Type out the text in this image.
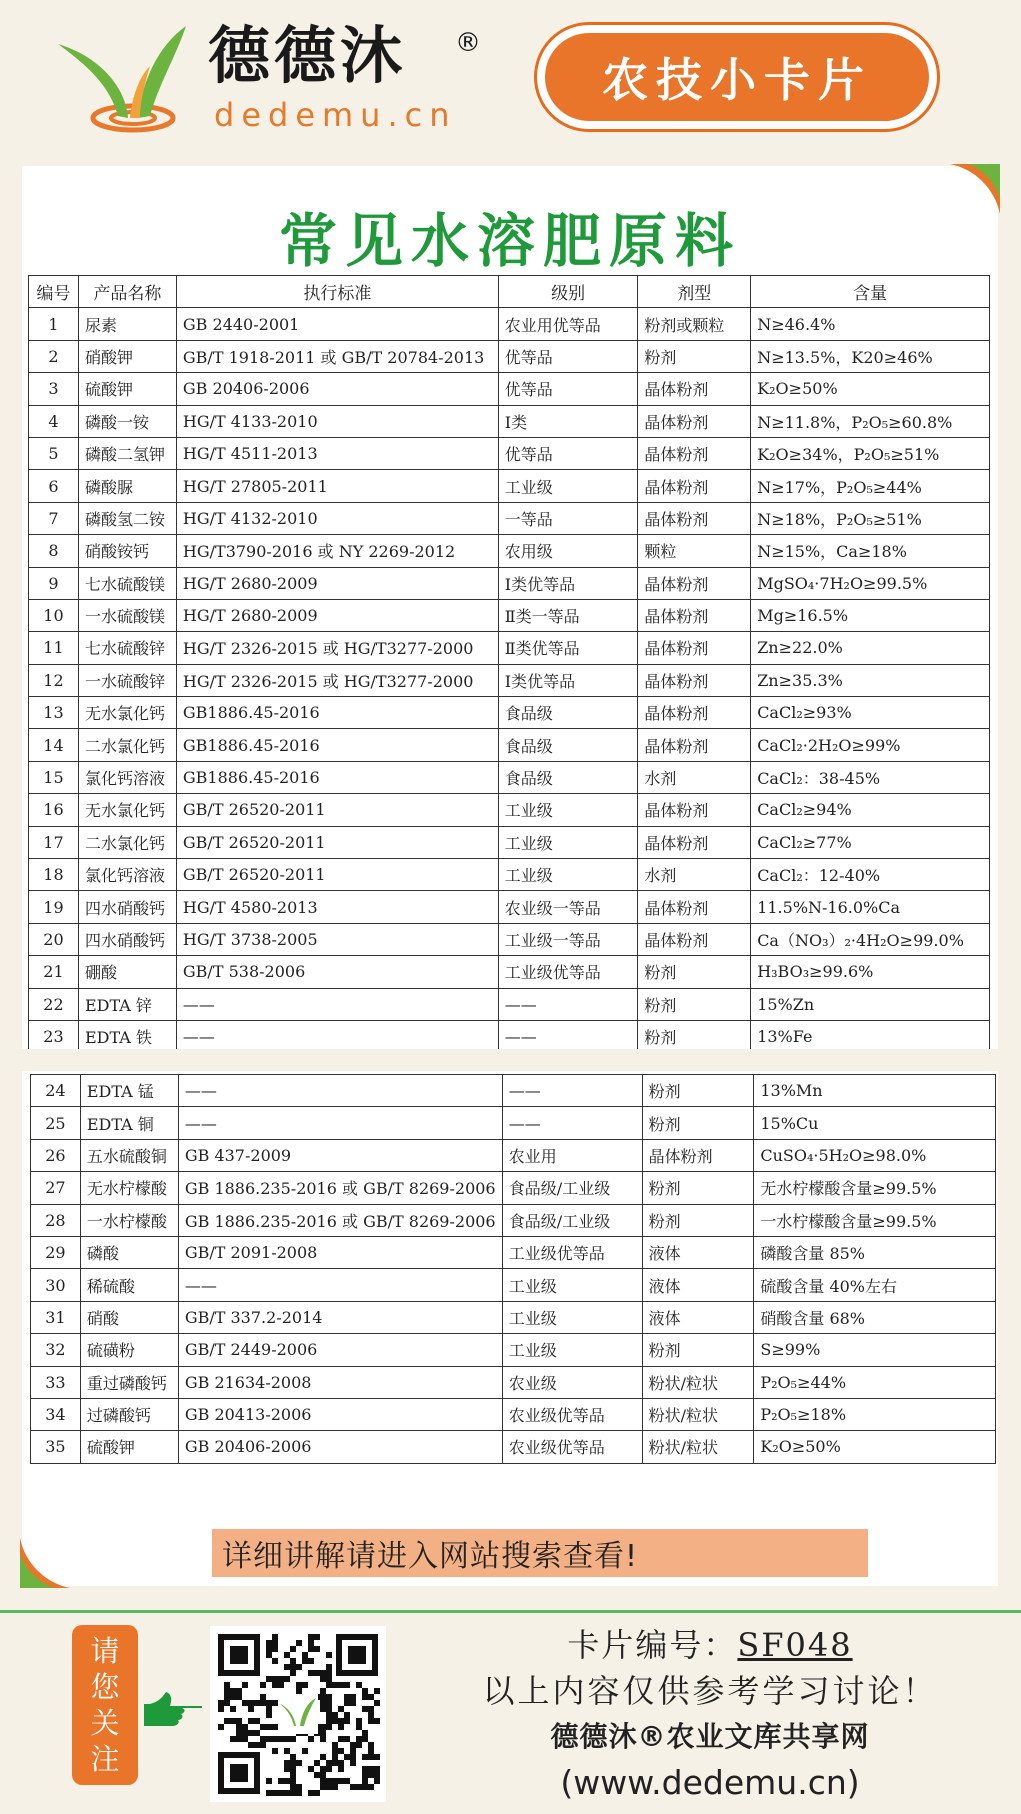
德德沐 ®
dedemu.cn
农技小卡片
常见水溶肥原料
编号	产品名称	执行标准	级别	剂型	含量
1	尿素	GB 2440-2001	农业用优等品	粉剂或颗粒	N≥46.4%
2	硝酸钾	GB/T 1918-2011 或 GB/T 20784-2013	优等品	粉剂	N≥13.5%，K20≥46%
3	硫酸钾	GB 20406-2006	优等品	晶体粉剂	K₂O≥50%
4	磷酸一铵	HG/T 4133-2010	Ⅰ类	晶体粉剂	N≥11.8%，P₂O₅≥60.8%
5	磷酸二氢钾	HG/T 4511-2013	优等品	晶体粉剂	K₂O≥34%，P₂O₅≥51%
6	磷酸脲	HG/T 27805-2011	工业级	晶体粉剂	N≥17%，P₂O₅≥44%
7	磷酸氢二铵	HG/T 4132-2010	一等品	晶体粉剂	N≥18%，P₂O₅≥51%
8	硝酸铵钙	HG/T3790-2016 或 NY 2269-2012	农用级	颗粒	N≥15%，Ca≥18%
9	七水硫酸镁	HG/T 2680-2009	Ⅰ类优等品	晶体粉剂	MgSO₄·7H₂O≥99.5%
10	一水硫酸镁	HG/T 2680-2009	Ⅱ类一等品	晶体粉剂	Mg≥16.5%
11	七水硫酸锌	HG/T 2326-2015 或 HG/T3277-2000	Ⅱ类优等品	晶体粉剂	Zn≥22.0%
12	一水硫酸锌	HG/T 2326-2015 或 HG/T3277-2000	Ⅰ类优等品	晶体粉剂	Zn≥35.3%
13	无水氯化钙	GB1886.45-2016	食品级	晶体粉剂	CaCl₂≥93%
14	二水氯化钙	GB1886.45-2016	食品级	晶体粉剂	CaCl₂·2H₂O≥99%
15	氯化钙溶液	GB1886.45-2016	食品级	水剂	CaCl₂：38-45%
16	无水氯化钙	GB/T 26520-2011	工业级	晶体粉剂	CaCl₂≥94%
17	二水氯化钙	GB/T 26520-2011	工业级	晶体粉剂	CaCl₂≥77%
18	氯化钙溶液	GB/T 26520-2011	工业级	水剂	CaCl₂：12-40%
19	四水硝酸钙	HG/T 4580-2013	农业级一等品	晶体粉剂	11.5%N-16.0%Ca
20	四水硝酸钙	HG/T 3738-2005	工业级一等品	晶体粉剂	Ca（NO₃）₂·4H₂O≥99.0%
21	硼酸	GB/T 538-2006	工业级优等品	粉剂	H₃BO₃≥99.6%
22	EDTA 锌	——	——	粉剂	15%Zn
23	EDTA 铁	——	——	粉剂	13%Fe
24	EDTA 锰	——	——	粉剂	13%Mn
25	EDTA 铜	——	——	粉剂	15%Cu
26	五水硫酸铜	GB 437-2009	农业用	晶体粉剂	CuSO₄·5H₂O≥98.0%
27	无水柠檬酸	GB 1886.235-2016 或 GB/T 8269-2006	食品级/工业级	粉剂	无水柠檬酸含量≥99.5%
28	一水柠檬酸	GB 1886.235-2016 或 GB/T 8269-2006	食品级/工业级	粉剂	一水柠檬酸含量≥99.5%
29	磷酸	GB/T 2091-2008	工业级优等品	液体	磷酸含量 85%
30	稀硫酸	——	工业级	液体	硫酸含量 40%左右
31	硝酸	GB/T 337.2-2014	工业级	液体	硝酸含量 68%
32	硫磺粉	GB/T 2449-2006	工业级	粉剂	S≥99%
33	重过磷酸钙	GB 21634-2008	农业级	粉状/粒状	P₂O₅≥44%
34	过磷酸钙	GB 20413-2006	农业级优等品	粉状/粒状	P₂O₅≥18%
35	硫酸钾	GB 20406-2006	农业级优等品	粉状/粒状	K₂O≥50%
详细讲解请进入网站搜索查看!
请
您
关
注
卡片编号：SF048
以上内容仅供参考学习讨论！
德德沐®农业文库共享网
(www.dedemu.cn)
